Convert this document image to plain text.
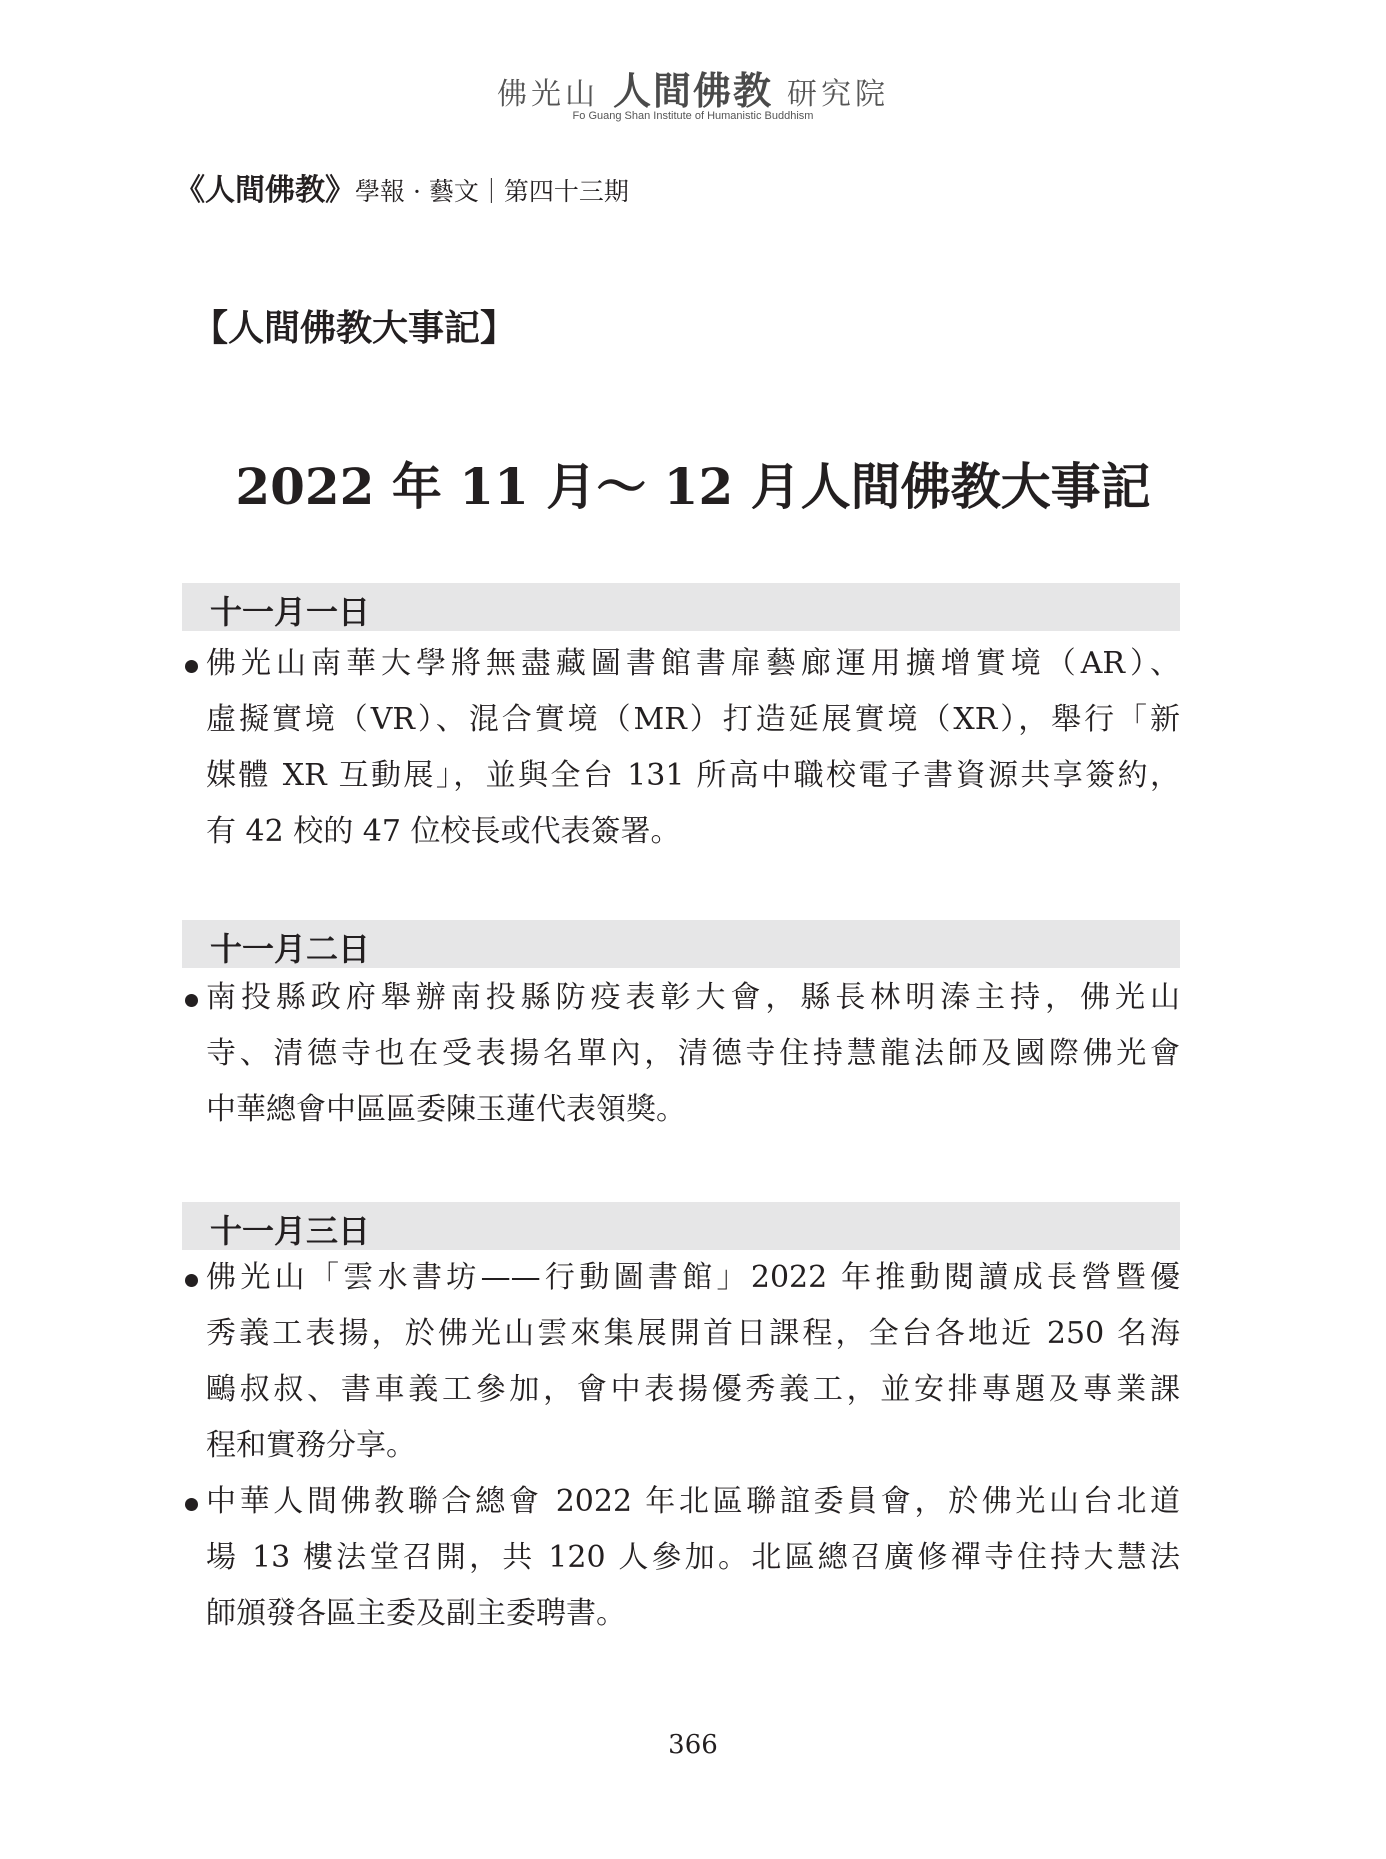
佛光山 人間佛教 研究院
Fo Guang Shan Institute of Humanistic Buddhism
《人間佛教》學報 · 藝文｜第四十三期
【人間佛教大事記】
2022 年 11 月～ 12 月人間佛教大事記
十一月一日
佛光山南華大學將無盡藏圖書館書扉藝廊運用擴增實境（AR）、
虛擬實境（VR）、混合實境（MR）打造延展實境（XR），舉行「新
媒體 XR 互動展」，並與全台 131 所高中職校電子書資源共享簽約，
有 42 校的 47 位校長或代表簽署。
十一月二日
南投縣政府舉辦南投縣防疫表彰大會，縣長林明溱主持，佛光山
寺、清德寺也在受表揚名單內，清德寺住持慧龍法師及國際佛光會
中華總會中區區委陳玉蓮代表領獎。
十一月三日
佛光山「雲水書坊——行動圖書館」2022 年推動閱讀成長營暨優
秀義工表揚，於佛光山雲來集展開首日課程，全台各地近 250 名海
鷗叔叔、書車義工參加，會中表揚優秀義工，並安排專題及專業課
程和實務分享。
中華人間佛教聯合總會 2022 年北區聯誼委員會，於佛光山台北道
場 13 樓法堂召開，共 120 人參加。北區總召廣修禪寺住持大慧法
師頒發各區主委及副主委聘書。
366
